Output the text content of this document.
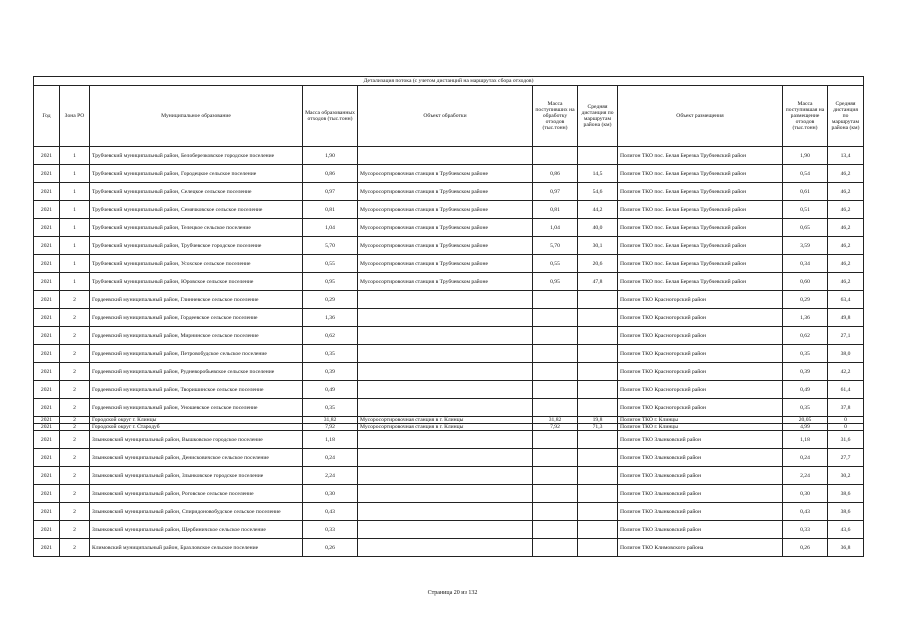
Детализация потока (с учетом дистанций на маршрутах сбора отходов)									
Год	Зона РО	Муниципальное образование	Масса образованных отходов (тыс.тонн)	Объект обработки	Масса поступивших на обработку отходов (тыс.тонн)	Средняя дистанция по маршрутам района (км)	Объект размещения	Масса поступившая на размещение отходов (тыс.тонн)	Средняя дистанция по маршрутам района (км)
2021	1	Трубчевский муниципальный район, Белоберезковское городское поселение	1,90				Полигон ТКО пос. Белая Березка Трубчевский район	1,90	13,4
2021	1	Трубчевский муниципальный район, Городецкое сельское поселение	0,86	Мусоросортировочная станция в Трубчевском районе	0,86	14,5	Полигон ТКО пос. Белая Березка Трубчевский район	0,54	46,2
2021	1	Трубчевский муниципальный район, Селецкое сельское поселение	0,97	Мусоросортировочная станция в Трубчевском районе	0,97	54,6	Полигон ТКО пос. Белая Березка Трубчевский район	0,61	46,2
2021	1	Трубчевский муниципальный район, Семячковское сельское поселение	0,81	Мусоросортировочная станция в Трубчевском районе	0,81	44,2	Полигон ТКО пос. Белая Березка Трубчевский район	0,51	46,2
2021	1	Трубчевский муниципальный район, Телецкое сельское поселение	1,04	Мусоросортировочная станция в Трубчевском районе	1,04	40,0	Полигон ТКО пос. Белая Березка Трубчевский район	0,65	46,2
2021	1	Трубчевский муниципальный район, Трубчевское городское поселение	5,70	Мусоросортировочная станция в Трубчевском районе	5,70	30,1	Полигон ТКО пос. Белая Березка Трубчевский район	3,59	46,2
2021	1	Трубчевский муниципальный район, Усохское сельское поселение	0,55	Мусоросортировочная станция в Трубчевском районе	0,55	20,6	Полигон ТКО пос. Белая Березка Трубчевский район	0,34	46,2
2021	1	Трубчевский муниципальный район, Юровское сельское поселение	0,95	Мусоросортировочная станция в Трубчевском районе	0,95	47,8	Полигон ТКО пос. Белая Березка Трубчевский район	0,60	46,2
2021	2	Гордеевский муниципальный район, Глинневское сельское поселение	0,29				Полигон ТКО Красногорский район	0,29	63,4
2021	2	Гордеевский муниципальный район, Гордеевское сельское поселение	1,36				Полигон ТКО Красногорский район	1,36	49,8
2021	2	Гордеевский муниципальный район, Мирнинское сельское поселение	0,62				Полигон ТКО Красногорский район	0,62	27,1
2021	2	Гордеевский муниципальный район, Петровобудское сельское поселение	0,35				Полигон ТКО Красногорский район	0,35	38,0
2021	2	Гордеевский муниципальный район, Рудневоробьевское сельское поселение	0,39				Полигон ТКО Красногорский район	0,39	42,2
2021	2	Гордеевский муниципальный район, Творишинское сельское поселение	0,49				Полигон ТКО Красногорский район	0,49	61,4
2021	2	Гордеевский муниципальный район, Уношевское сельское поселение	0,35				Полигон ТКО Красногорский район	0,35	37,8
2021	2	Городской округ г. Клинцы	31,82	Мусоросортировочная станция в г. Клинцы	31,82	19,8	Полигон ТКО г. Клинцы	20,05	0
2021	2	Городской округ г. Стародуб	7,92	Мусоросортировочная станция в г. Клинцы	7,92	71,3	Полигон ТКО г. Клинцы	4,99	0
2021	2	Злынковский муниципальный район, Вышковское городское поселение	1,18				Полигон ТКО Злынковский район	1,18	31,6
2021	2	Злынковский муниципальный район, Денисковичское сельское поселение	0,24				Полигон ТКО Злынковский район	0,24	27,7
2021	2	Злынковский муниципальный район, Злынковское городское поселение	2,24				Полигон ТКО Злынковский район	2,24	30,2
2021	2	Злынковский муниципальный район, Роговское сельское поселение	0,30				Полигон ТКО Злынковский район	0,30	38,6
2021	2	Злынковский муниципальный район, Спиридоновобудское сельское поселение	0,43				Полигон ТКО Злынковский район	0,43	38,6
2021	2	Злынковский муниципальный район, Щербиничское сельское поселение	0,33				Полигон ТКО Злынковский район	0,33	43,6
2021	2	Климовский муниципальный район, Брахловское сельское поселение	0,26				Полигон ТКО Климовского района	0,26	36,8
Страница 20 из 132
